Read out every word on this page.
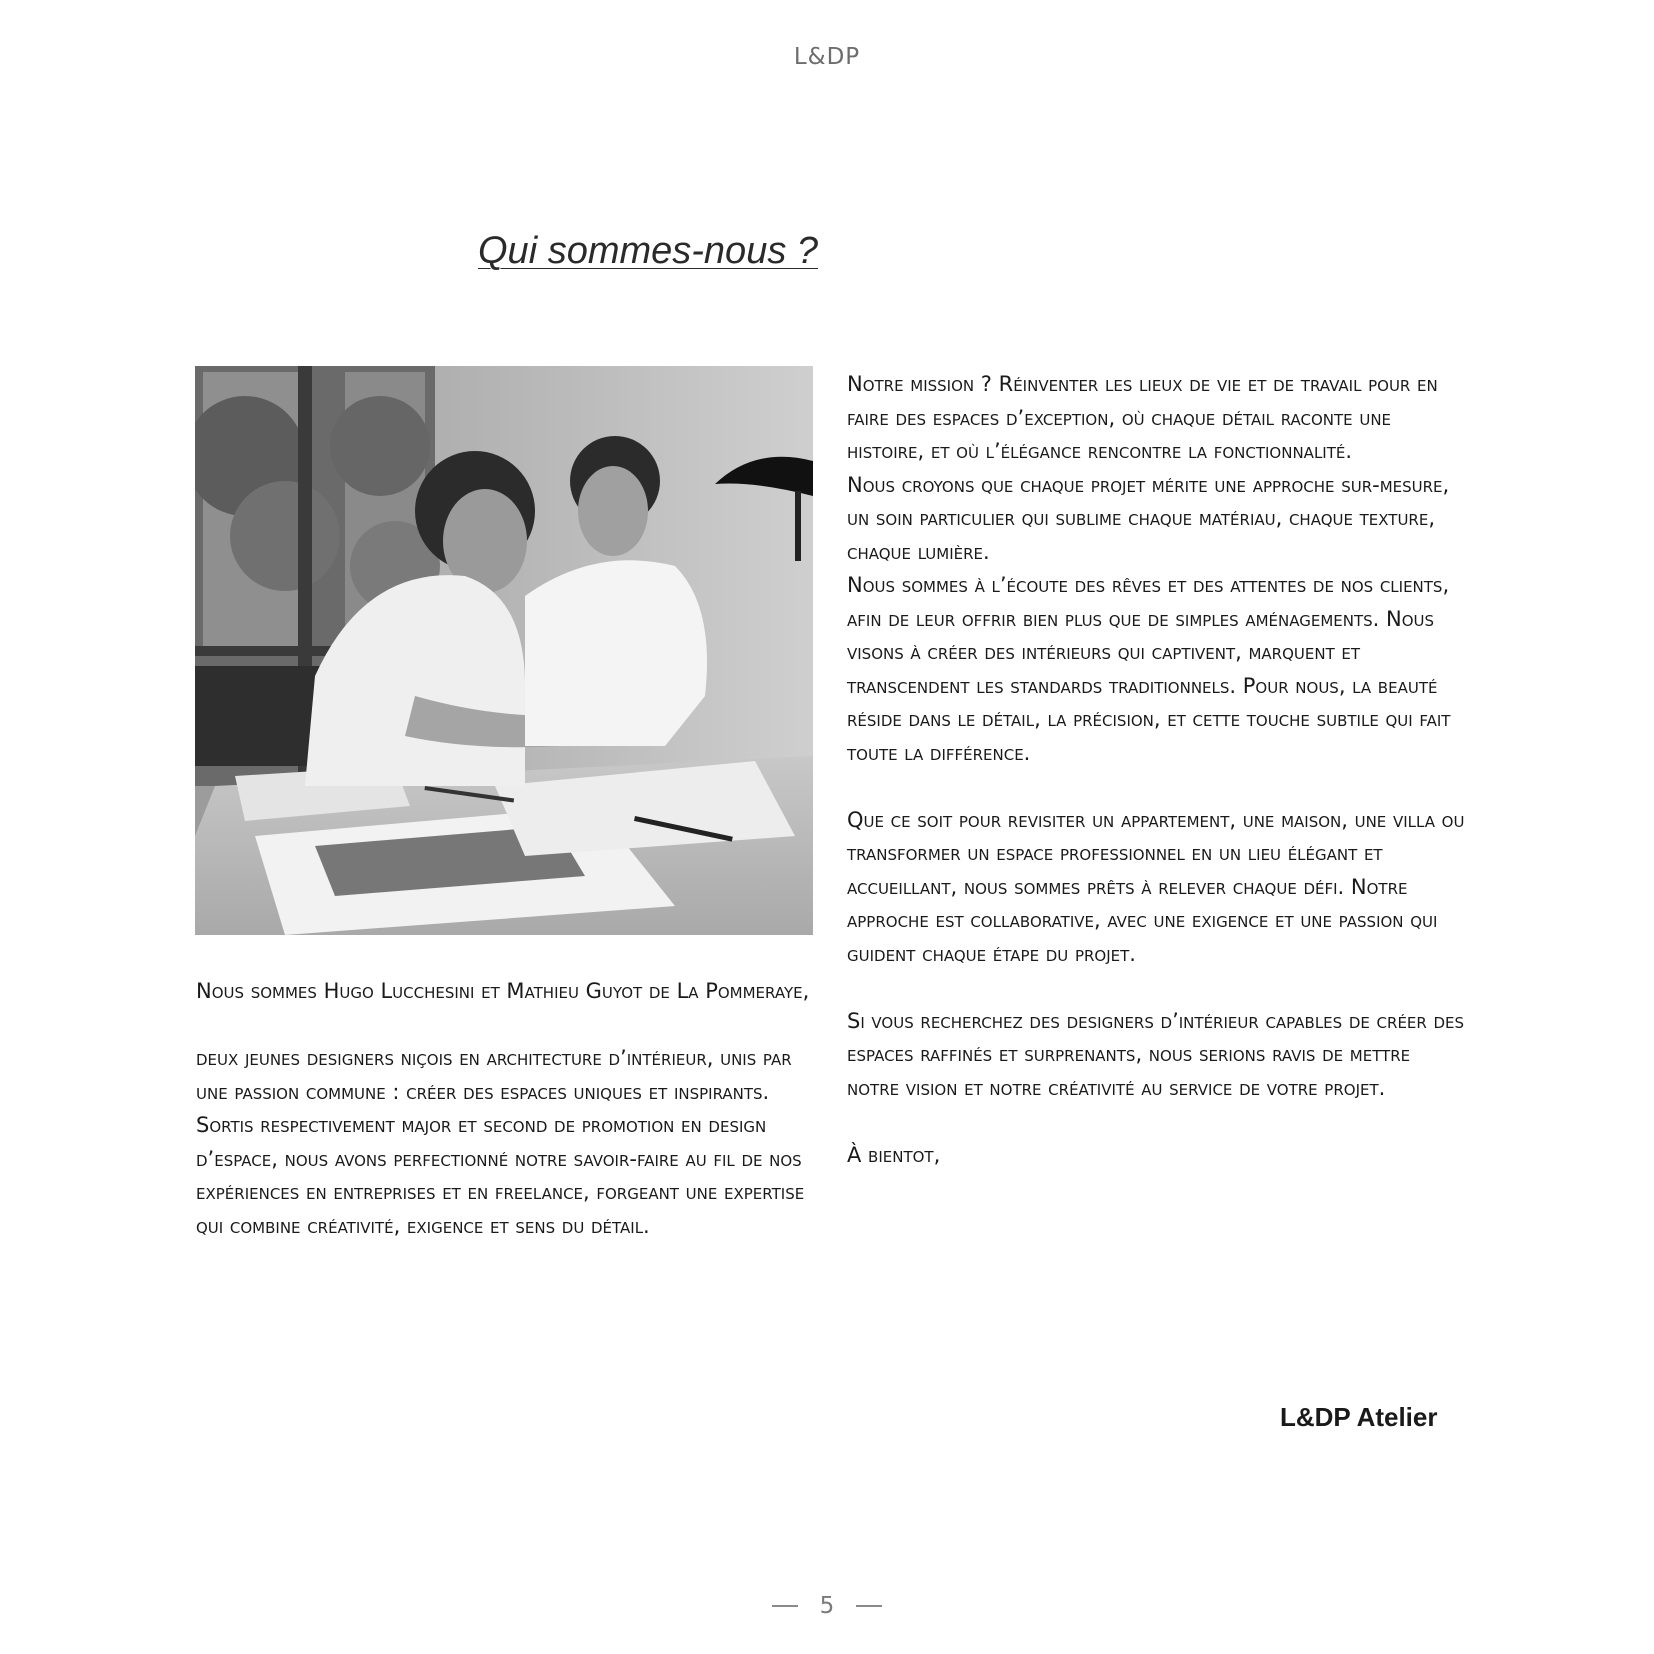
L&DP
Qui sommes-nous ?

Nous sommes Hugo Lucchesini et Mathieu Guyot de La Pommeraye,

deux jeunes designers niçois en architecture d’intérieur, unis par une passion commune : créer des espaces uniques et inspirants. Sortis respectivement major et second de promotion en design d’espace, nous avons perfectionné notre savoir-faire au fil de nos expériences en entreprises et en freelance, forgeant une expertise qui combine créativité, exigence et sens du détail.

Notre mission ? Réinventer les lieux de vie et de travail pour en faire des espaces d’exception, où chaque détail raconte une histoire, et où l’élégance rencontre la fonctionnalité.
Nous croyons que chaque projet mérite une approche sur-mesure, un soin particulier qui sublime chaque matériau, chaque texture, chaque lumière.
Nous sommes à l’écoute des rêves et des attentes de nos clients, afin de leur offrir bien plus que de simples aménagements. Nous visons à créer des intérieurs qui captivent, marquent et transcendent les standards traditionnels. Pour nous, la beauté réside dans le détail, la précision, et cette touche subtile qui fait toute la différence.

Que ce soit pour revisiter un appartement, une maison, une villa ou transformer un espace professionnel en un lieu élégant et accueillant, nous sommes prêts à relever chaque défi. Notre approche est collaborative, avec une exigence et une passion qui guident chaque étape du projet.

Si vous recherchez des designers d’intérieur capables de créer des espaces raffinés et surprenants, nous serions ravis de mettre notre vision et notre créativité au service de votre projet.

À bientot,

L&DP Atelier
5
